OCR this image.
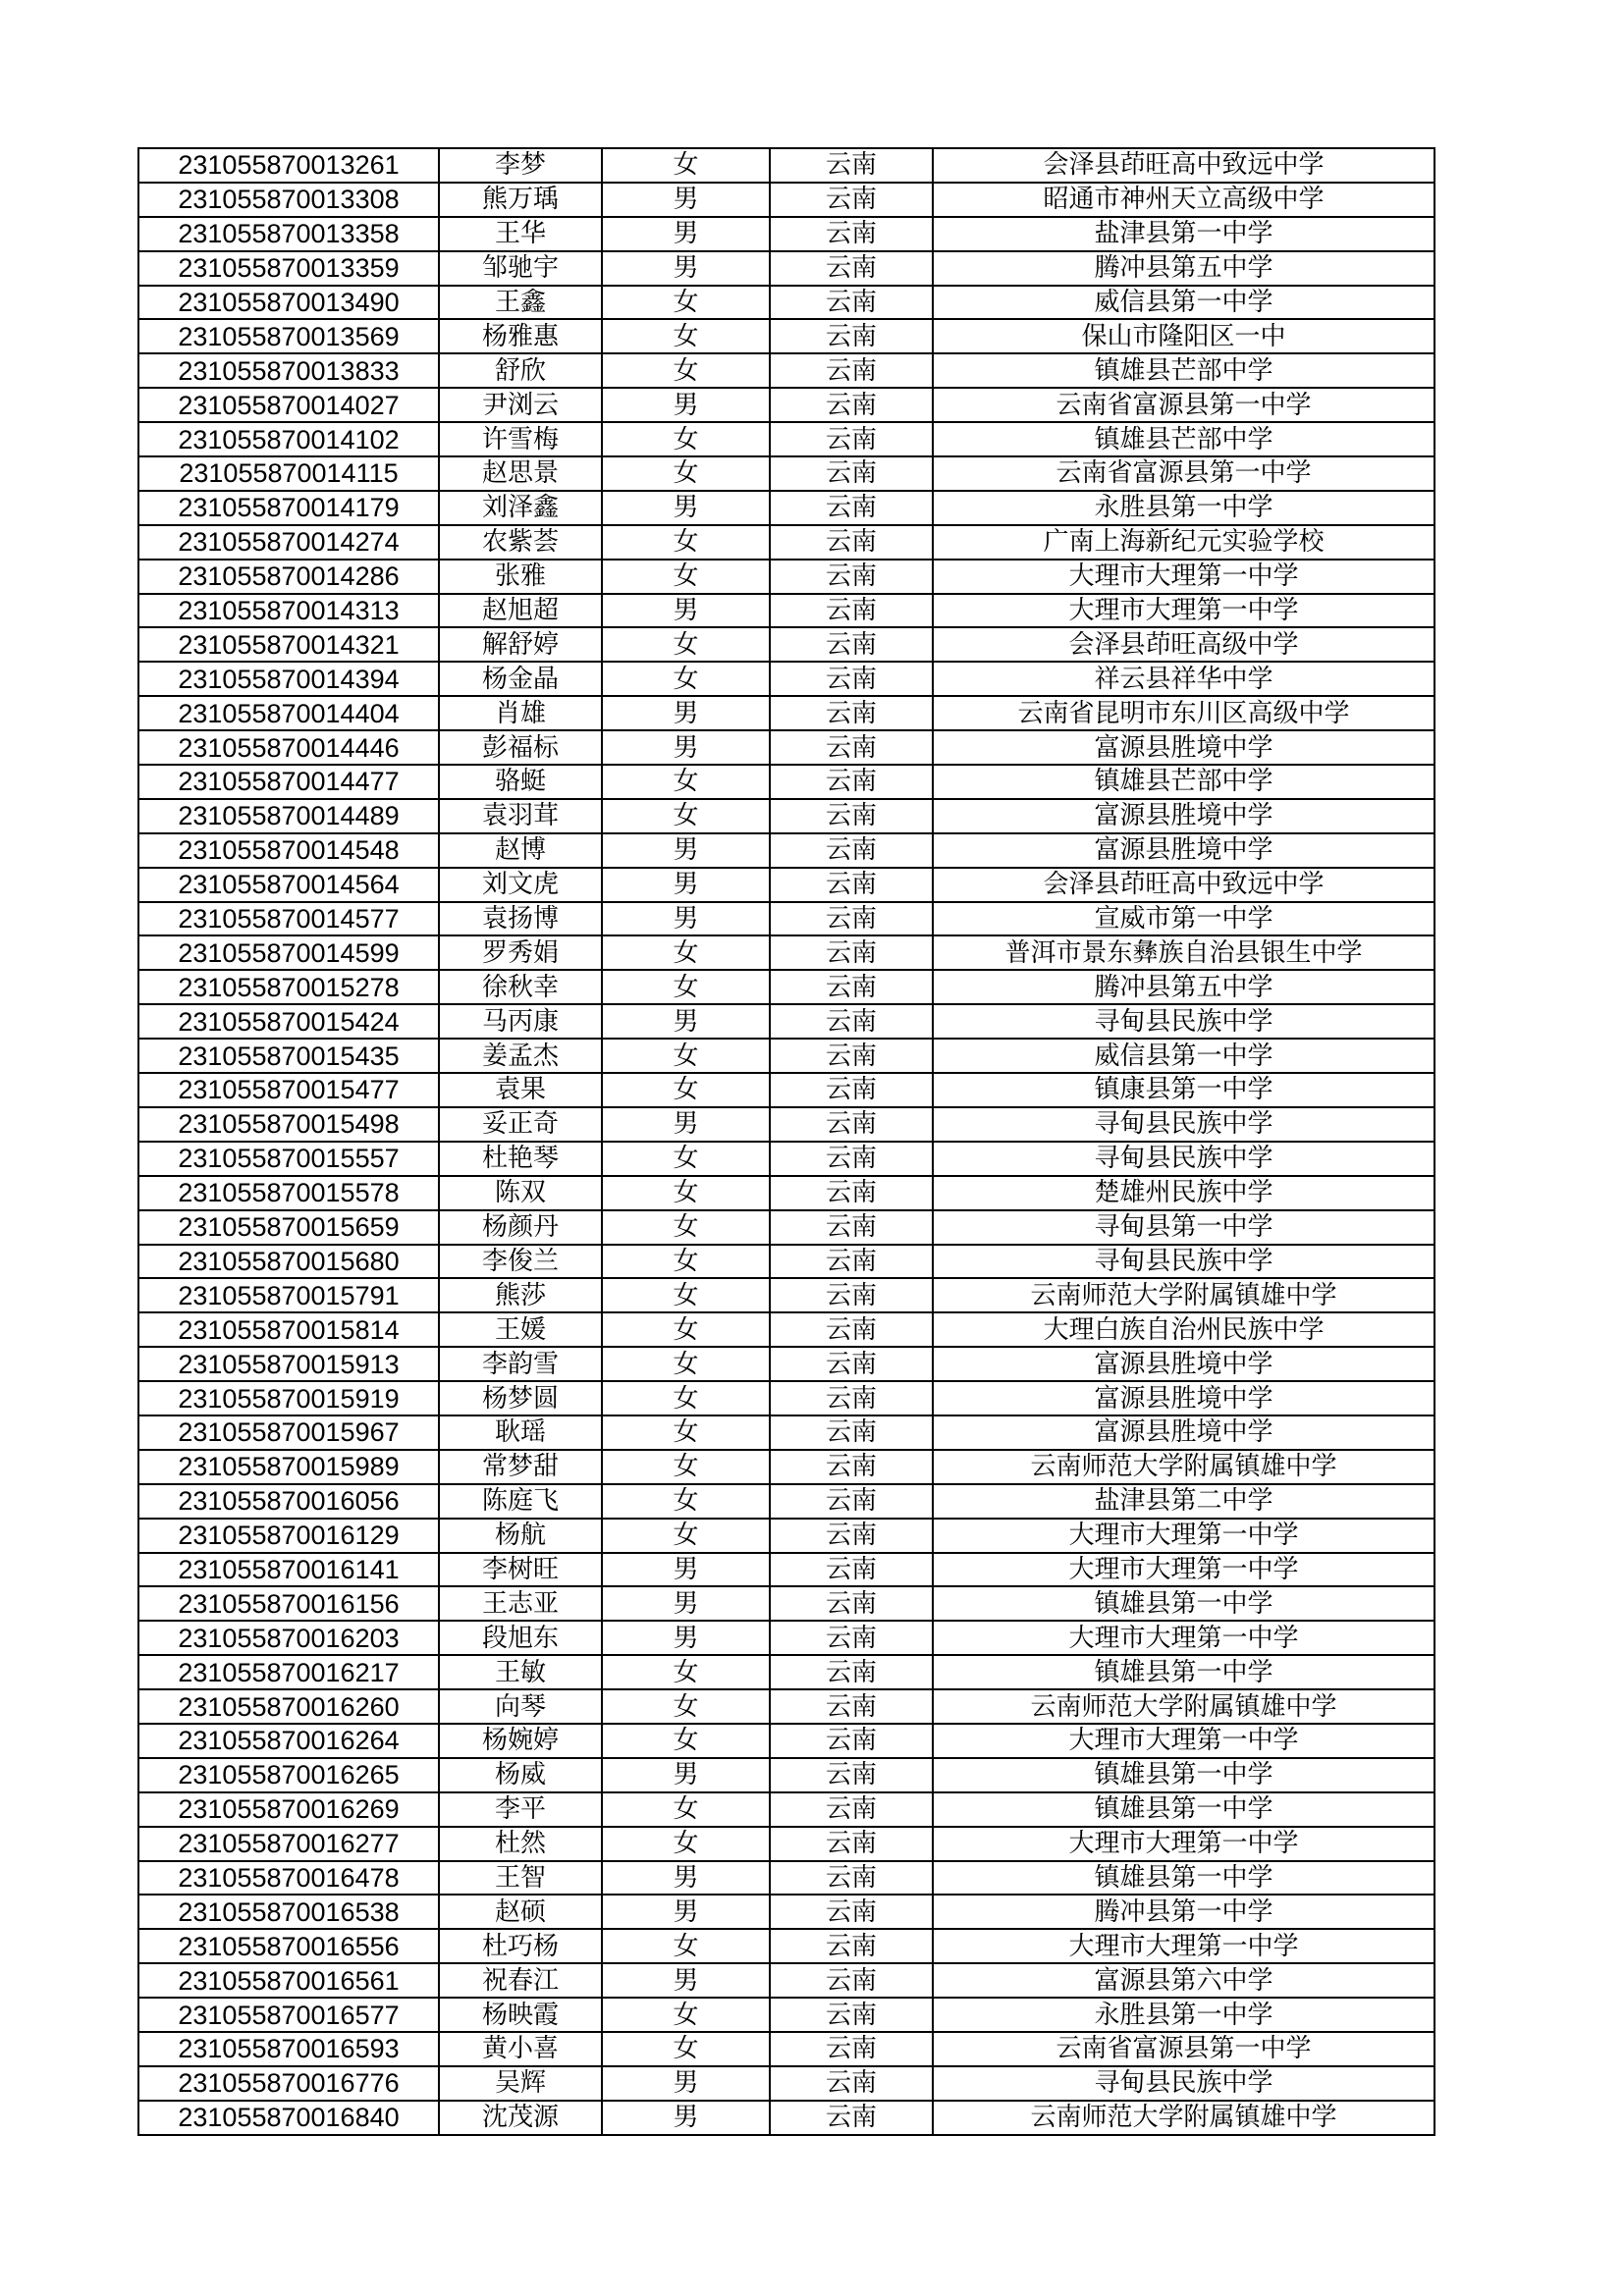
231055870013261	李梦	女	云南	会泽县茚旺高中致远中学
231055870013308	熊万瑀	男	云南	昭通市神州天立高级中学
231055870013358	王华	男	云南	盐津县第一中学
231055870013359	邹驰宇	男	云南	腾冲县第五中学
231055870013490	王鑫	女	云南	威信县第一中学
231055870013569	杨雅惠	女	云南	保山市隆阳区一中
231055870013833	舒欣	女	云南	镇雄县芒部中学
231055870014027	尹浏云	男	云南	云南省富源县第一中学
231055870014102	许雪梅	女	云南	镇雄县芒部中学
231055870014115	赵思景	女	云南	云南省富源县第一中学
231055870014179	刘泽鑫	男	云南	永胜县第一中学
231055870014274	农紫荟	女	云南	广南上海新纪元实验学校
231055870014286	张雅	女	云南	大理市大理第一中学
231055870014313	赵旭超	男	云南	大理市大理第一中学
231055870014321	解舒婷	女	云南	会泽县茚旺高级中学
231055870014394	杨金晶	女	云南	祥云县祥华中学
231055870014404	肖雄	男	云南	云南省昆明市东川区高级中学
231055870014446	彭福标	男	云南	富源县胜境中学
231055870014477	骆蜓	女	云南	镇雄县芒部中学
231055870014489	袁羽茸	女	云南	富源县胜境中学
231055870014548	赵博	男	云南	富源县胜境中学
231055870014564	刘文虎	男	云南	会泽县茚旺高中致远中学
231055870014577	袁扬博	男	云南	宣威市第一中学
231055870014599	罗秀娟	女	云南	普洱市景东彝族自治县银生中学
231055870015278	徐秋幸	女	云南	腾冲县第五中学
231055870015424	马丙康	男	云南	寻甸县民族中学
231055870015435	姜孟杰	女	云南	威信县第一中学
231055870015477	袁果	女	云南	镇康县第一中学
231055870015498	妥正奇	男	云南	寻甸县民族中学
231055870015557	杜艳琴	女	云南	寻甸县民族中学
231055870015578	陈双	女	云南	楚雄州民族中学
231055870015659	杨颜丹	女	云南	寻甸县第一中学
231055870015680	李俊兰	女	云南	寻甸县民族中学
231055870015791	熊莎	女	云南	云南师范大学附属镇雄中学
231055870015814	王媛	女	云南	大理白族自治州民族中学
231055870015913	李韵雪	女	云南	富源县胜境中学
231055870015919	杨梦圆	女	云南	富源县胜境中学
231055870015967	耿瑶	女	云南	富源县胜境中学
231055870015989	常梦甜	女	云南	云南师范大学附属镇雄中学
231055870016056	陈庭飞	女	云南	盐津县第二中学
231055870016129	杨航	女	云南	大理市大理第一中学
231055870016141	李树旺	男	云南	大理市大理第一中学
231055870016156	王志亚	男	云南	镇雄县第一中学
231055870016203	段旭东	男	云南	大理市大理第一中学
231055870016217	王敏	女	云南	镇雄县第一中学
231055870016260	向琴	女	云南	云南师范大学附属镇雄中学
231055870016264	杨婉婷	女	云南	大理市大理第一中学
231055870016265	杨威	男	云南	镇雄县第一中学
231055870016269	李平	女	云南	镇雄县第一中学
231055870016277	杜然	女	云南	大理市大理第一中学
231055870016478	王智	男	云南	镇雄县第一中学
231055870016538	赵硕	男	云南	腾冲县第一中学
231055870016556	杜巧杨	女	云南	大理市大理第一中学
231055870016561	祝春江	男	云南	富源县第六中学
231055870016577	杨映霞	女	云南	永胜县第一中学
231055870016593	黄小喜	女	云南	云南省富源县第一中学
231055870016776	吴辉	男	云南	寻甸县民族中学
231055870016840	沈茂源	男	云南	云南师范大学附属镇雄中学
